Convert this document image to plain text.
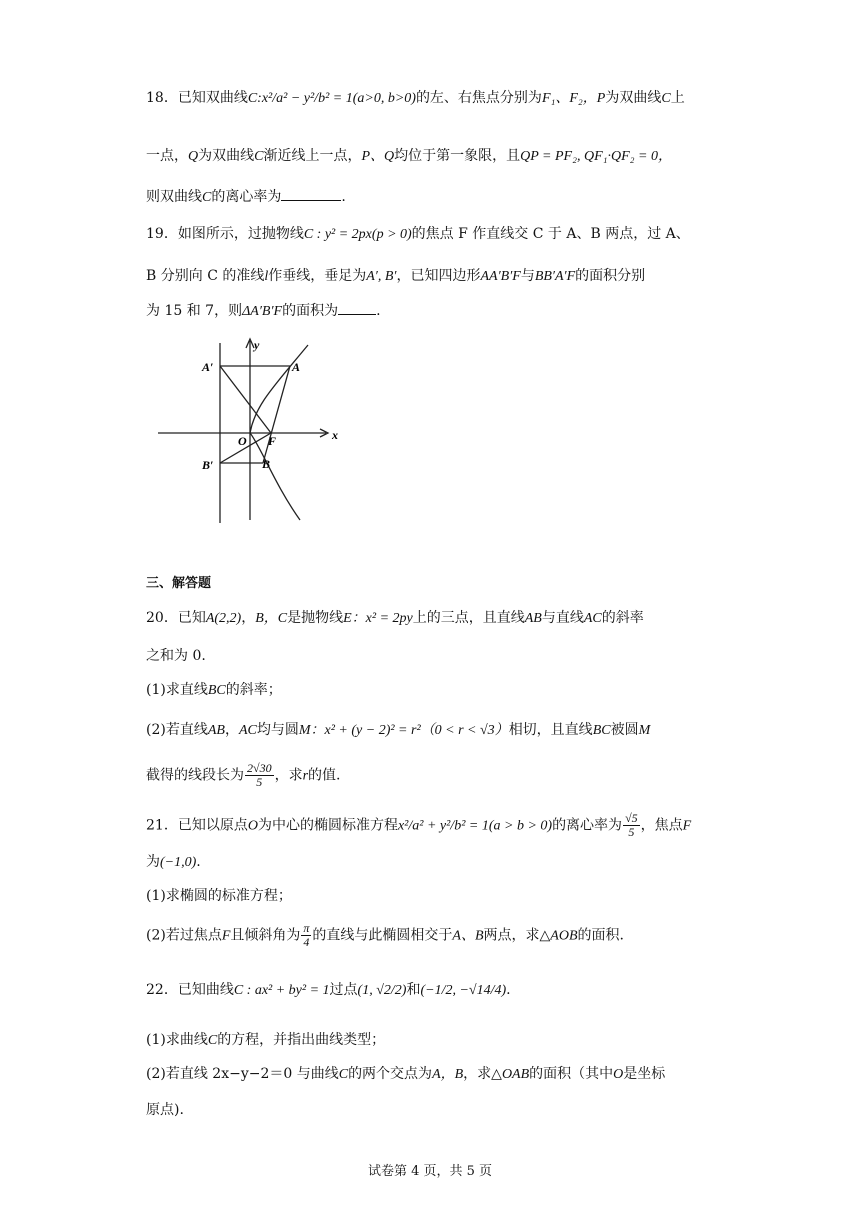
18．已知双曲线C:x²/a² − y²/b² = 1(a>0, b>0)的左、右焦点分别为F₁、F₂，P为双曲线C上
一点，Q为双曲线C渐近线上一点，P、Q均位于第一象限，且QP = PF₂, QF₁·QF₂ = 0，
则双曲线C的离心率为	.
19．如图所示，过抛物线C : y² = 2px(p > 0)的焦点 F 作直线交 C 于 A、B 两点，过 A、
B 分别向 C 的准线l作垂线，垂足为A′, B′，已知四边形AA′B′F与BB′A′F的面积分别
为 15 和 7，则ΔA′B′F的面积为	.
A′	A
B′	B
O F	x
y
三、解答题
20．已知A(2,2)，B，C是抛物线E：x² = 2py上的三点，且直线AB与直线AC的斜率
之和为 0.
(1)求直线BC的斜率；
(2)若直线AB，AC均与圆M：x² + (y − 2)² = r²（0 < r < √3）相切，且直线BC被圆M
截得的线段长为 $\frac{2√30}{5}$ ，求r的值.
21．已知以原点O为中心的椭圆标准方程x²/a² + y²/b² = 1(a > b > 0)的离心率为 $\frac{√5}{5}$ ，焦点F
为(−1,0).
(1)求椭圆的标准方程；
(2)若过焦点F且倾斜角为 $\frac{\pi}{4}$ 的直线与此椭圆相交于A、B两点，求△AOB的面积.
22．已知曲线C : ax² + by² = 1过点(1, √2/2)和(−1/2, −√14/4).
(1)求曲线C的方程，并指出曲线类型；
(2)若直线 2x−y−2＝0 与曲线C的两个交点为A，B，求△OAB的面积（其中O是坐标
原点).
试卷第 4 页，共 5 页
